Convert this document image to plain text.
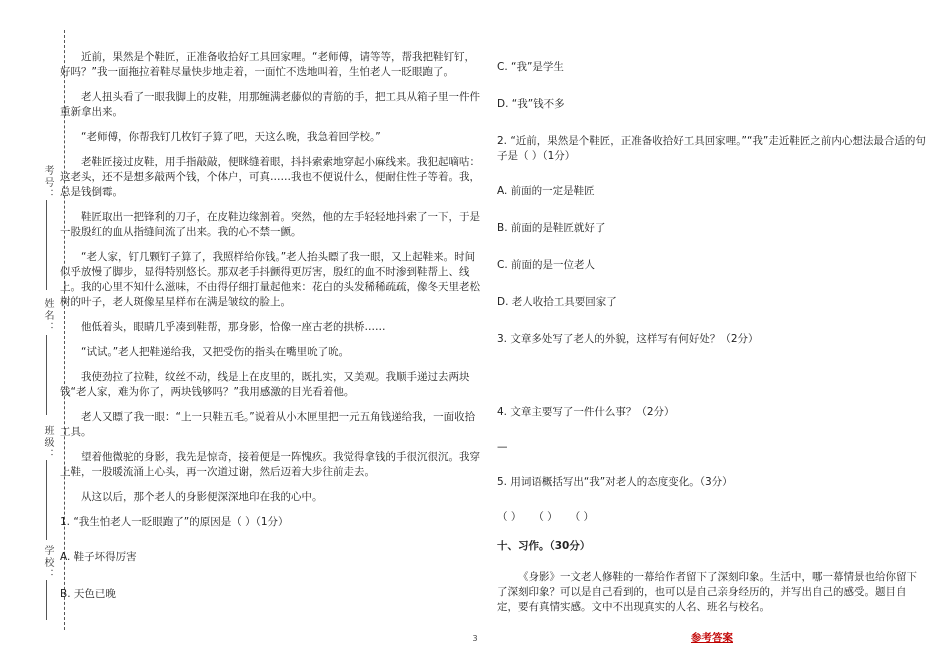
考号：
姓名：
班级：
学校：

近前，果然是个鞋匠，正准备收拾好工具回家哩。“老师傅，请等等，帮我把鞋钉钉，好吗？”我一面拖拉着鞋尽量快步地走着，一面忙不迭地叫着，生怕老人一眨眼跑了。

老人扭头看了一眼我脚上的皮鞋，用那缠满老藤似的青筋的手，把工具从箱子里一件件重新拿出来。

“老师傅，你帮我钉几枚钉子算了吧，天这么晚，我急着回学校。”

老鞋匠接过皮鞋，用手指敲敲，便眯缝着眼，抖抖索索地穿起小麻线来。我犯起嘀咕：这老头，还不是想多敲两个钱，个体户，可真……我也不便说什么，便耐住性子等着。我，总是钱倒霉。

鞋匠取出一把锋利的刀子，在皮鞋边缘割着。突然，他的左手轻轻地抖索了一下，于是一股殷红的血从指缝间流了出来。我的心不禁一颤。

“老人家，钉几颗钉子算了，我照样给你钱。”老人抬头瞟了我一眼，又上起鞋来。时间似乎放慢了脚步，显得特别悠长。那双老手抖颤得更厉害，殷红的血不时渗到鞋帮上、线上。我的心里不知什么滋味，不由得仔细打量起他来：花白的头发稀稀疏疏，像冬天里老松树的叶子，老人斑像星星样布在满是皱纹的脸上。

他低着头，眼睛几乎凑到鞋帮，那身影，恰像一座古老的拱桥……

“试试。”老人把鞋递给我，又把受伤的指头在嘴里吮了吮。

我使劲拉了拉鞋，纹丝不动，线是上在皮里的，既扎实，又美观。我顺手递过去两块钱“老人家，难为你了，两块钱够吗？”我用感激的目光看着他。

老人又瞟了我一眼：“上一只鞋五毛。”说着从小木匣里把一元五角钱递给我，一面收拾工具。

望着他微驼的身影，我先是惊奇，接着便是一阵愧疚。我觉得拿钱的手很沉很沉。我穿上鞋，一股暖流涌上心头，再一次道过谢，然后迈着大步往前走去。

从这以后，那个老人的身影便深深地印在我的心中。

1. “我生怕老人一眨眼跑了”的原因是（ ）（1分）

A. 鞋子坏得厉害

B. 天色已晚

C. “我”是学生

D. “我”钱不多

2. “近前，果然是个鞋匠，正准备收拾好工具回家哩。”“我”走近鞋匠之前内心想法最合适的句子是（ ）（1分）

A. 前面的一定是鞋匠

B. 前面的是鞋匠就好了

C. 前面的是一位老人

D. 老人收拾工具要回家了

3. 文章多处写了老人的外貌，这样写有何好处？（2分）

4. 文章主要写了一件什么事？（2分）

—

5. 用词语概括写出“我”对老人的态度变化。（3分）

（ ） （ ） （ ）

十、习作。（30分）

《身影》一文老人修鞋的一幕给作者留下了深刻印象。生活中，哪一幕情景也给你留下了深刻印象？可以是自己看到的，也可以是自己亲身经历的，并写出自己的感受。题目自定，要有真情实感。文中不出现真实的人名、班名与校名。

参考答案

3
